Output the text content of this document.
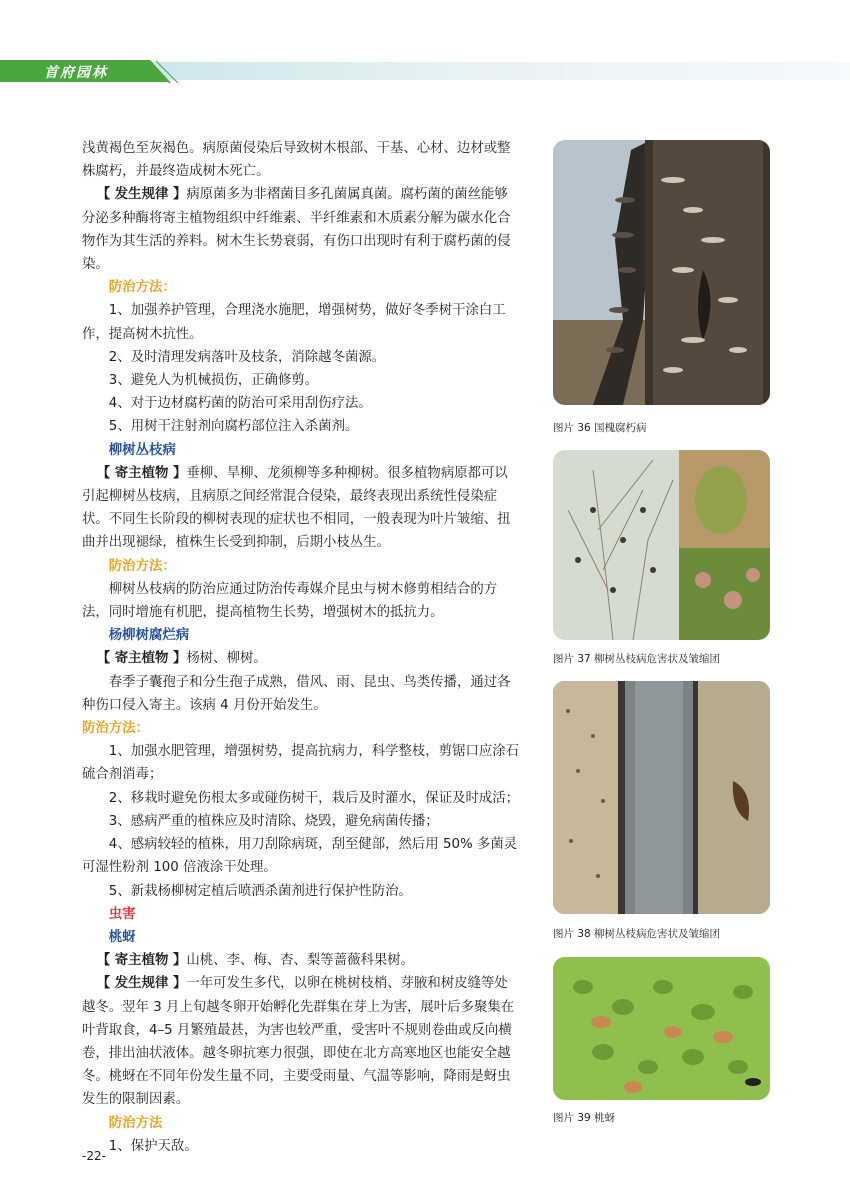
首府园林

浅黄褐色至灰褐色。病原菌侵染后导致树木根部、干基、心材、边材或整株腐朽，并最终造成树木死亡。

【 发生规律 】病原菌多为非褶菌目多孔菌属真菌。腐朽菌的菌丝能够分泌多种酶将寄主植物组织中纤维素、半纤维素和木质素分解为碳水化合物作为其生活的养料。树木生长势衰弱，有伤口出现时有利于腐朽菌的侵染。

防治方法：

1、加强养护管理，合理浇水施肥，增强树势，做好冬季树干涂白工作，提高树木抗性。

2、及时清理发病落叶及枝条，消除越冬菌源。

3、避免人为机械损伤，正确修剪。

4、对于边材腐朽菌的防治可采用刮伤疗法。

5、用树干注射剂向腐朽部位注入杀菌剂。

柳树丛枝病

【 寄主植物 】垂柳、旱柳、龙须柳等多种柳树。很多植物病原都可以引起柳树丛枝病，且病原之间经常混合侵染，最终表现出系统性侵染症状。不同生长阶段的柳树表现的症状也不相同，一般表现为叶片皱缩、扭曲并出现褪绿，植株生长受到抑制，后期小枝丛生。

防治方法：

柳树丛枝病的防治应通过防治传毒媒介昆虫与树木修剪相结合的方法，同时增施有机肥，提高植物生长势，增强树木的抵抗力。

杨柳树腐烂病

【 寄主植物 】杨树、柳树。

春季子囊孢子和分生孢子成熟，借风、雨、昆虫、鸟类传播，通过各种伤口侵入寄主。该病 4 月份开始发生。

防治方法：

1、加强水肥管理，增强树势，提高抗病力，科学整枝，剪锯口应涂石硫合剂消毒；

2、移栽时避免伤根太多或碰伤树干，栽后及时灌水，保证及时成活；

3、感病严重的植株应及时清除、烧毁，避免病菌传播；

4、感病较轻的植株，用刀刮除病斑，刮至健部，然后用 50% 多菌灵可湿性粉剂 100 倍液涂干处理。

5、新栽杨柳树定植后喷洒杀菌剂进行保护性防治。

虫害

桃蚜

【 寄主植物 】山桃、李、梅、杏、梨等蔷薇科果树。

【 发生规律 】一年可发生多代，以卵在桃树枝梢、芽腋和树皮缝等处越冬。翌年 3 月上旬越冬卵开始孵化先群集在芽上为害，展叶后多聚集在叶背取食，4–5 月繁殖最甚，为害也较严重，受害叶不规则卷曲或反向横卷，排出油状液体。越冬卵抗寒力很强，即使在北方高寒地区也能安全越冬。桃蚜在不同年份发生量不同，主要受雨量、气温等影响，降雨是蚜虫发生的限制因素。

防治方法

1、保护天敌。

图片 36 国槐腐朽病
图片 37 柳树丛枝病危害状及皱缩团
图片 38 柳树丛枝病危害状及皱缩团
图片 39 桃蚜
-22-
